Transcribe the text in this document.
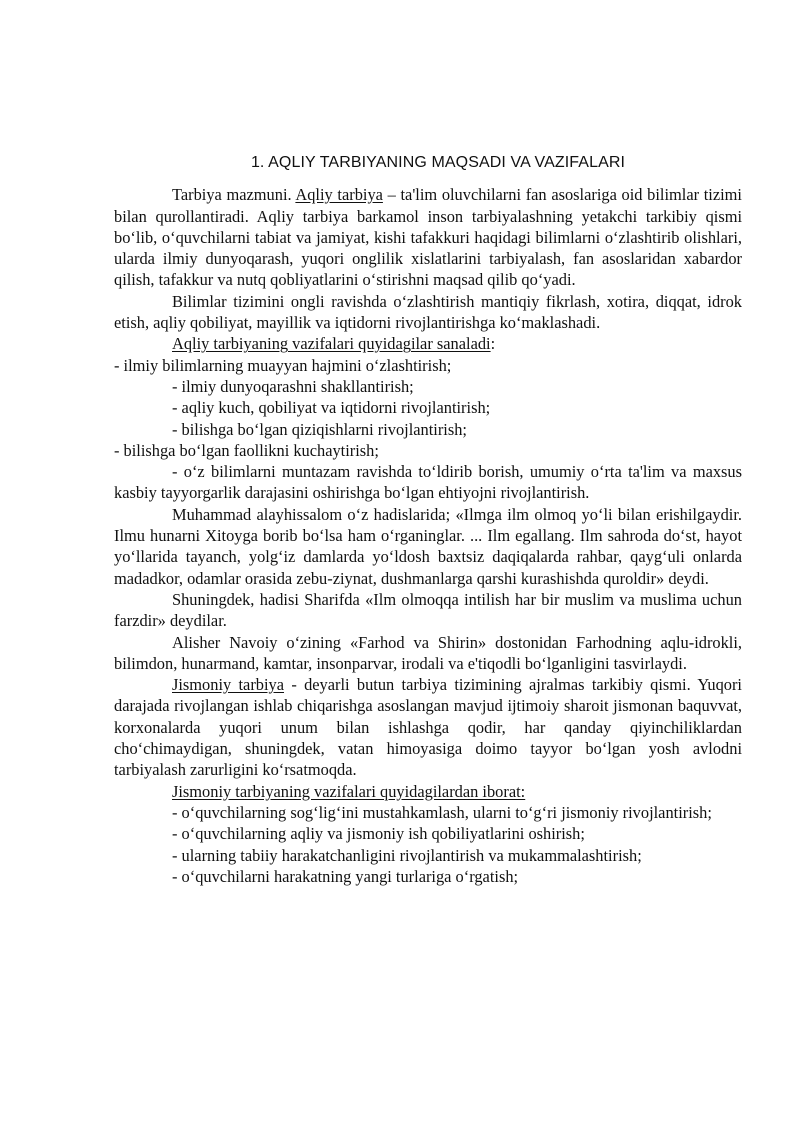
1. AQLIY TARBIYANING MAQSADI VA VAZIFALARI

Tarbiya mazmuni. Aqliy tarbiya – ta'lim oluvchilarni fan asoslariga oid bilimlar tizimi bilan qurollantiradi. Aqliy tarbiya barkamol inson tarbiyalashning yetakchi tarkibiy qismi bo‘lib, o‘quvchilarni tabiat va jamiyat, kishi tafakkuri haqidagi bilimlarni o‘zlashtirib olishlari, ularda ilmiy dunyoqarash, yuqori onglilik xislatlarini tarbiyalash, fan asoslaridan xabardor qilish, tafakkur va nutq qobliyatlarini o‘stirishni maqsad qilib qo‘yadi.

Bilimlar tizimini ongli ravishda o‘zlashtirish mantiqiy fikrlash, xotira, diqqat, idrok etish, aqliy qobiliyat, mayillik va iqtidorni rivojlantirishga ko‘maklashadi.

Aqliy tarbiyaning vazifalari quyidagilar sanaladi:

- ilmiy bilimlarning muayyan hajmini o‘zlashtirish;

- ilmiy dunyoqarashni shakllantirish;

- aqliy kuch, qobiliyat va iqtidorni rivojlantirish;

- bilishga bo‘lgan qiziqishlarni rivojlantirish;

- bilishga bo‘lgan faollikni kuchaytirish;

- o‘z bilimlarni muntazam ravishda to‘ldirib borish, umumiy o‘rta ta'lim va maxsus kasbiy tayyorgarlik darajasini oshirishga bo‘lgan ehtiyojni rivojlantirish.

Muhammad alayhissalom o‘z hadislarida; «Ilmga ilm olmoq yo‘li bilan erishilgaydir. Ilmu hunarni Xitoyga borib bo‘lsa ham o‘rganinglar. ... Ilm egallang. Ilm sahroda do‘st, hayot yo‘llarida tayanch, yolg‘iz damlarda yo‘ldosh baxtsiz daqiqalarda rahbar, qayg‘uli onlarda madadkor, odamlar orasida zebu-ziynat, dushmanlarga qarshi kurashishda quroldir» deydi.

Shuningdek, hadisi Sharifda «Ilm olmoqqa intilish har bir muslim va muslima uchun farzdir» deydilar.

Alisher Navoiy o‘zining «Farhod va Shirin» dostonidan Farhodning aqlu-idrokli, bilimdon, hunarmand, kamtar, insonparvar, irodali va e'tiqodli bo‘lganligini tasvirlaydi.

Jismoniy tarbiya - deyarli butun tarbiya tizimining ajralmas tarkibiy qismi. Yuqori darajada rivojlangan ishlab chiqarishga asoslangan mavjud ijtimoiy sharoit jismonan baquvvat, korxonalarda yuqori unum bilan ishlashga qodir, har qanday qiyinchiliklardan cho‘chimaydigan, shuningdek, vatan himoyasiga doimo tayyor bo‘lgan yosh avlodni tarbiyalash zarurligini ko‘rsatmoqda.

Jismoniy tarbiyaning vazifalari quyidagilardan iborat:

- o‘quvchilarning sog‘lig‘ini mustahkamlash, ularni to‘g‘ri jismoniy rivojlantirish;

- o‘quvchilarning aqliy va jismoniy ish qobiliyatlarini oshirish;

- ularning tabiiy harakatchanligini rivojlantirish va mukammalashtirish;

- o‘quvchilarni harakatning yangi turlariga o‘rgatish;
